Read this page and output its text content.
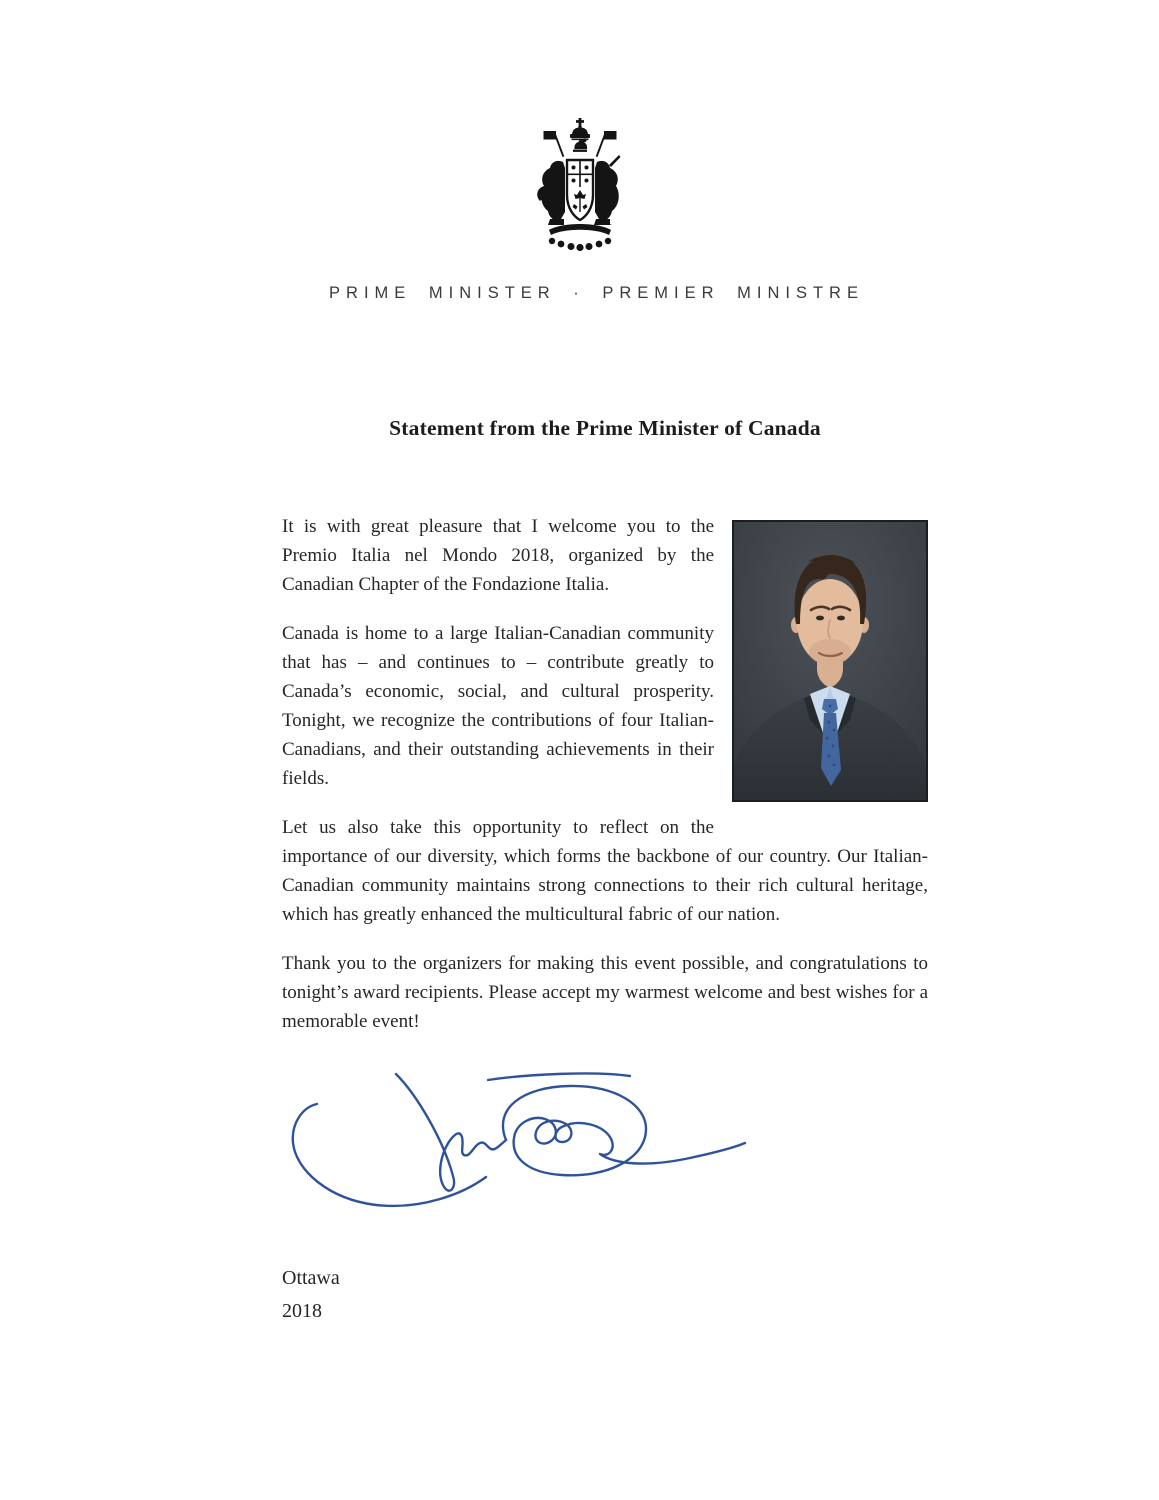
PRIME MINISTER · PREMIER MINISTRE
Statement from the Prime Minister of Canada

It is with great pleasure that I welcome you to the Premio Italia nel Mondo 2018, organized by the Canadian Chapter of the Fondazione Italia.

Canada is home to a large Italian-Canadian community that has – and continues to – contribute greatly to Canada’s economic, social, and cultural prosperity. Tonight, we recognize the contributions of four Italian-Canadians, and their outstanding achievements in their fields.

Let us also take this opportunity to reflect on the importance of our diversity, which forms the backbone of our country. Our Italian-Canadian community maintains strong connections to their rich cultural heritage, which has greatly enhanced the multicultural fabric of our nation.

Thank you to the organizers for making this event possible, and congratulations to tonight’s award recipients. Please accept my warmest welcome and best wishes for a memorable event!

Ottawa
2018
